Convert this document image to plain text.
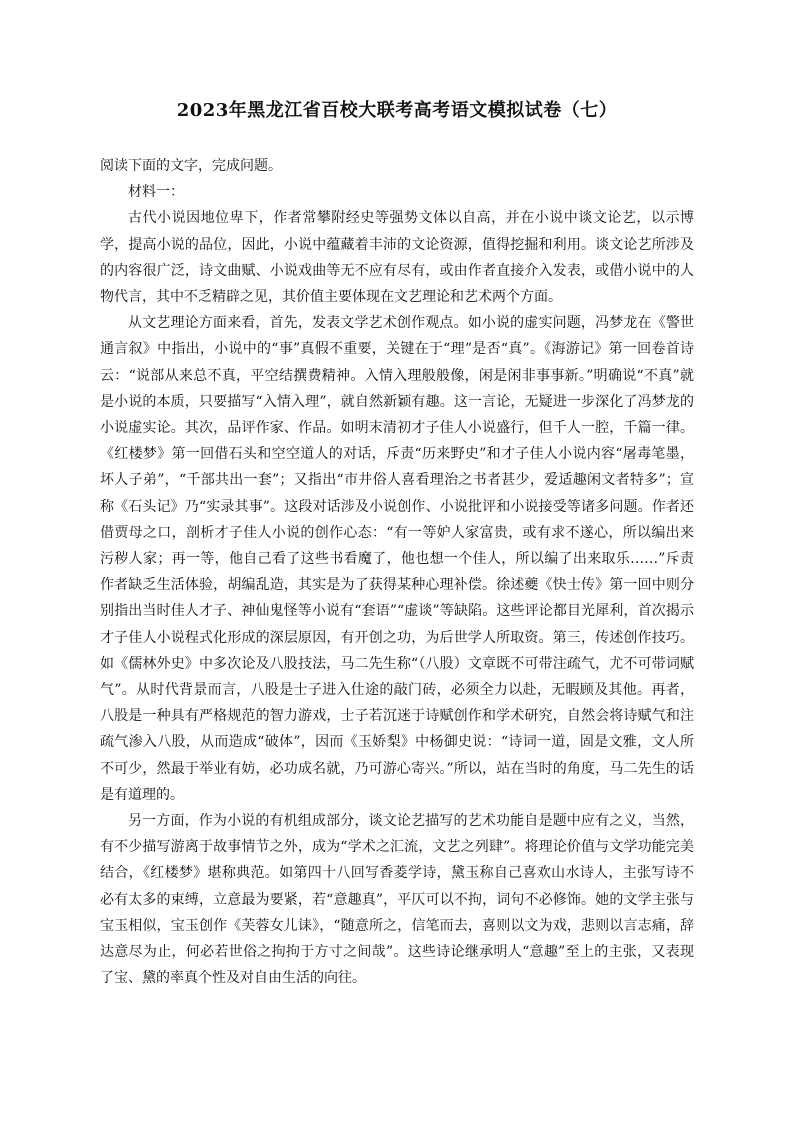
2023年黑龙江省百校大联考高考语文模拟试卷（七）

阅读下面的文字，完成问题。

材料一：

古代小说因地位卑下，作者常攀附经史等强势文体以自高，并在小说中谈文论艺，以示博学，提高小说的品位，因此，小说中蕴藏着丰沛的文论资源，值得挖掘和利用。谈文论艺所涉及的内容很广泛，诗文曲赋、小说戏曲等无不应有尽有，或由作者直接介入发表，或借小说中的人物代言，其中不乏精辟之见，其价值主要体现在文艺理论和艺术两个方面。

从文艺理论方面来看，首先，发表文学艺术创作观点。如小说的虚实问题，冯梦龙在《警世通言叙》中指出，小说中的“事”真假不重要，关键在于“理”是否“真”。《海游记》第一回卷首诗云：“说部从来总不真，平空结撰费精神。入情入理般般像，闲是闲非事事新。”明确说“不真”就是小说的本质，只要描写“入情入理”，就自然新颖有趣。这一言论，无疑进一步深化了冯梦龙的小说虚实论。其次，品评作家、作品。如明末清初才子佳人小说盛行，但千人一腔，千篇一律。《红楼梦》第一回借石头和空空道人的对话，斥责“历来野史”和才子佳人小说内容“屠毒笔墨，坏人子弟”，“千部共出一套”；又指出“市井俗人喜看理治之书者甚少，爱适趣闲文者特多”；宣称《石头记》乃“实录其事”。这段对话涉及小说创作、小说批评和小说接受等诸多问题。作者还借贾母之口，剖析才子佳人小说的创作心态：“有一等妒人家富贵，或有求不遂心，所以编出来污秽人家；再一等，他自己看了这些书看魔了，他也想一个佳人，所以编了出来取乐……”斥责作者缺乏生活体验，胡编乱造，其实是为了获得某种心理补偿。徐述夔《快士传》第一回中则分别指出当时佳人才子、神仙鬼怪等小说有“套语”“虚谈”等缺陷。这些评论都目光犀利，首次揭示才子佳人小说程式化形成的深层原因，有开创之功，为后世学人所取资。第三，传述创作技巧。如《儒林外史》中多次论及八股技法，马二先生称“（八股）文章既不可带注疏气，尤不可带词赋气”。从时代背景而言，八股是士子进入仕途的敲门砖，必须全力以赴，无暇顾及其他。再者，八股是一种具有严格规范的智力游戏，士子若沉迷于诗赋创作和学术研究，自然会将诗赋气和注疏气渗入八股，从而造成“破体”，因而《玉娇梨》中杨御史说：“诗词一道，固是文雅，文人所不可少，然最于举业有妨，必功成名就，乃可游心寄兴。”所以，站在当时的角度，马二先生的话是有道理的。

另一方面，作为小说的有机组成部分，谈文论艺描写的艺术功能自是题中应有之义，当然，有不少描写游离于故事情节之外，成为“学术之汇流，文艺之列肆”。将理论价值与文学功能完美结合，《红楼梦》堪称典范。如第四十八回写香菱学诗，黛玉称自己喜欢山水诗人，主张写诗不必有太多的束缚，立意最为要紧，若“意趣真”，平仄可以不拘，词句不必修饰。她的文学主张与宝玉相似，宝玉创作《芙蓉女儿诔》，“随意所之，信笔而去，喜则以文为戏，悲则以言志痛，辞达意尽为止，何必若世俗之拘拘于方寸之间哉”。这些诗论继承明人“意趣”至上的主张，又表现了宝、黛的率真个性及对自由生活的向往。
